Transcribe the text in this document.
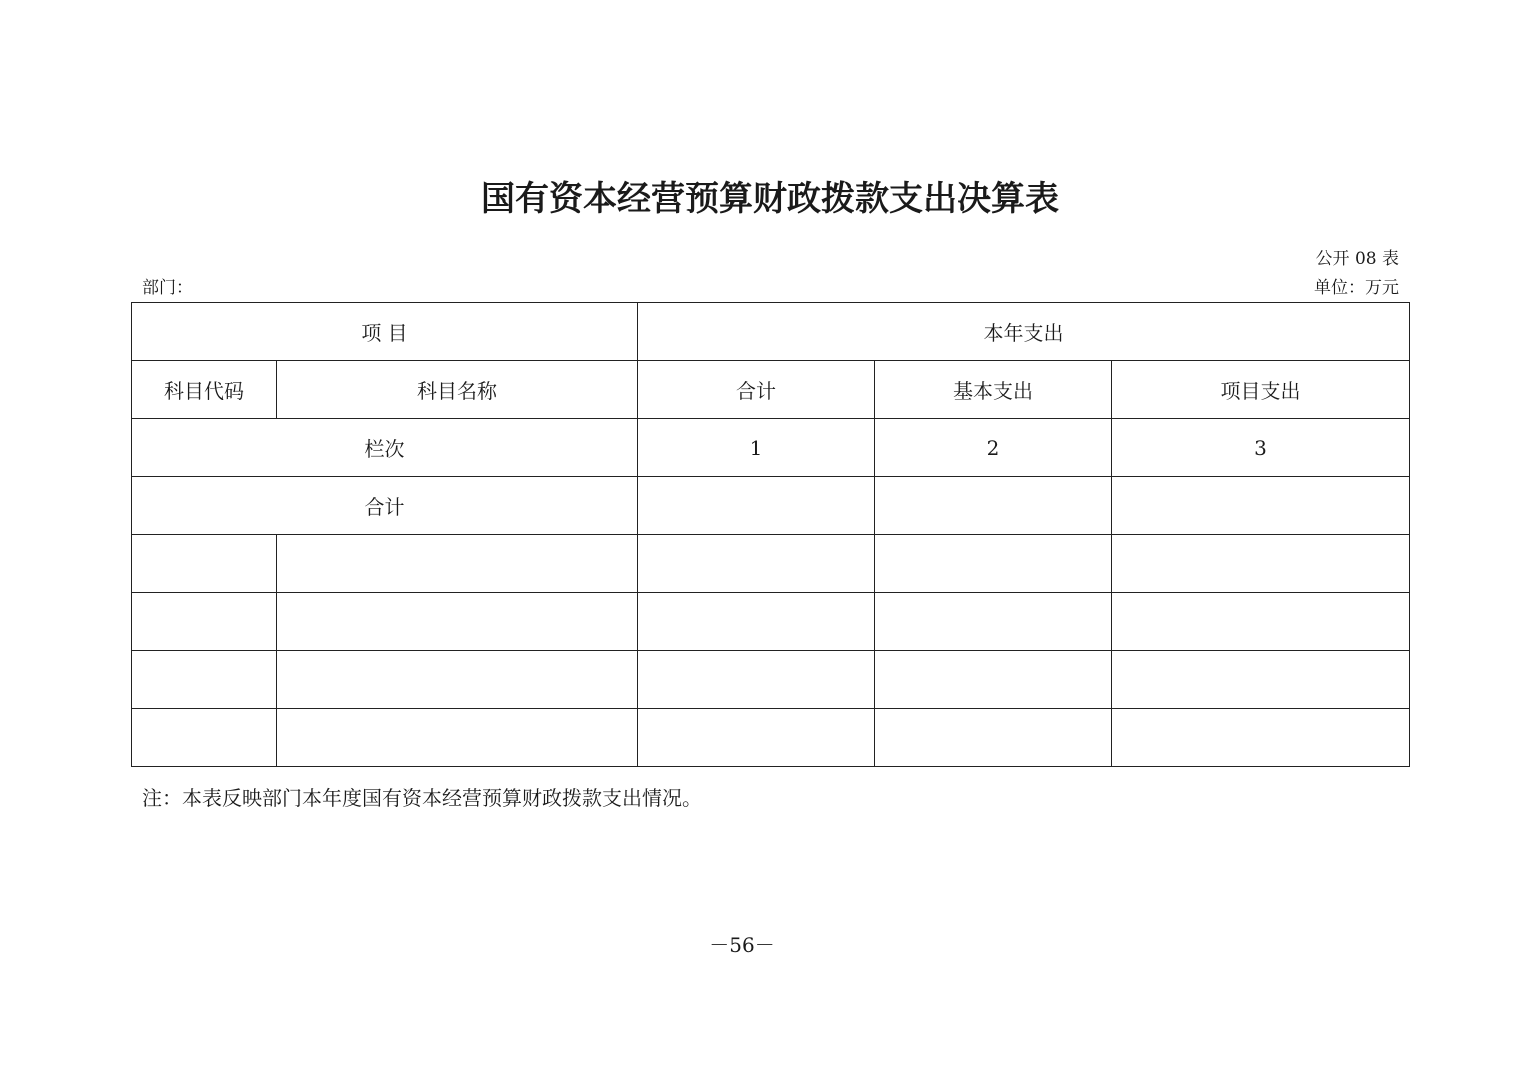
国有资本经营预算财政拨款支出决算表
公开 08 表
部门：	单位：万元
项 目		本年支出		
科目代码	科目名称	合计	基本支出	项目支出
栏次		1	2	3
合计				

注：本表反映部门本年度国有资本经营预算财政拨款支出情况。
－56－
